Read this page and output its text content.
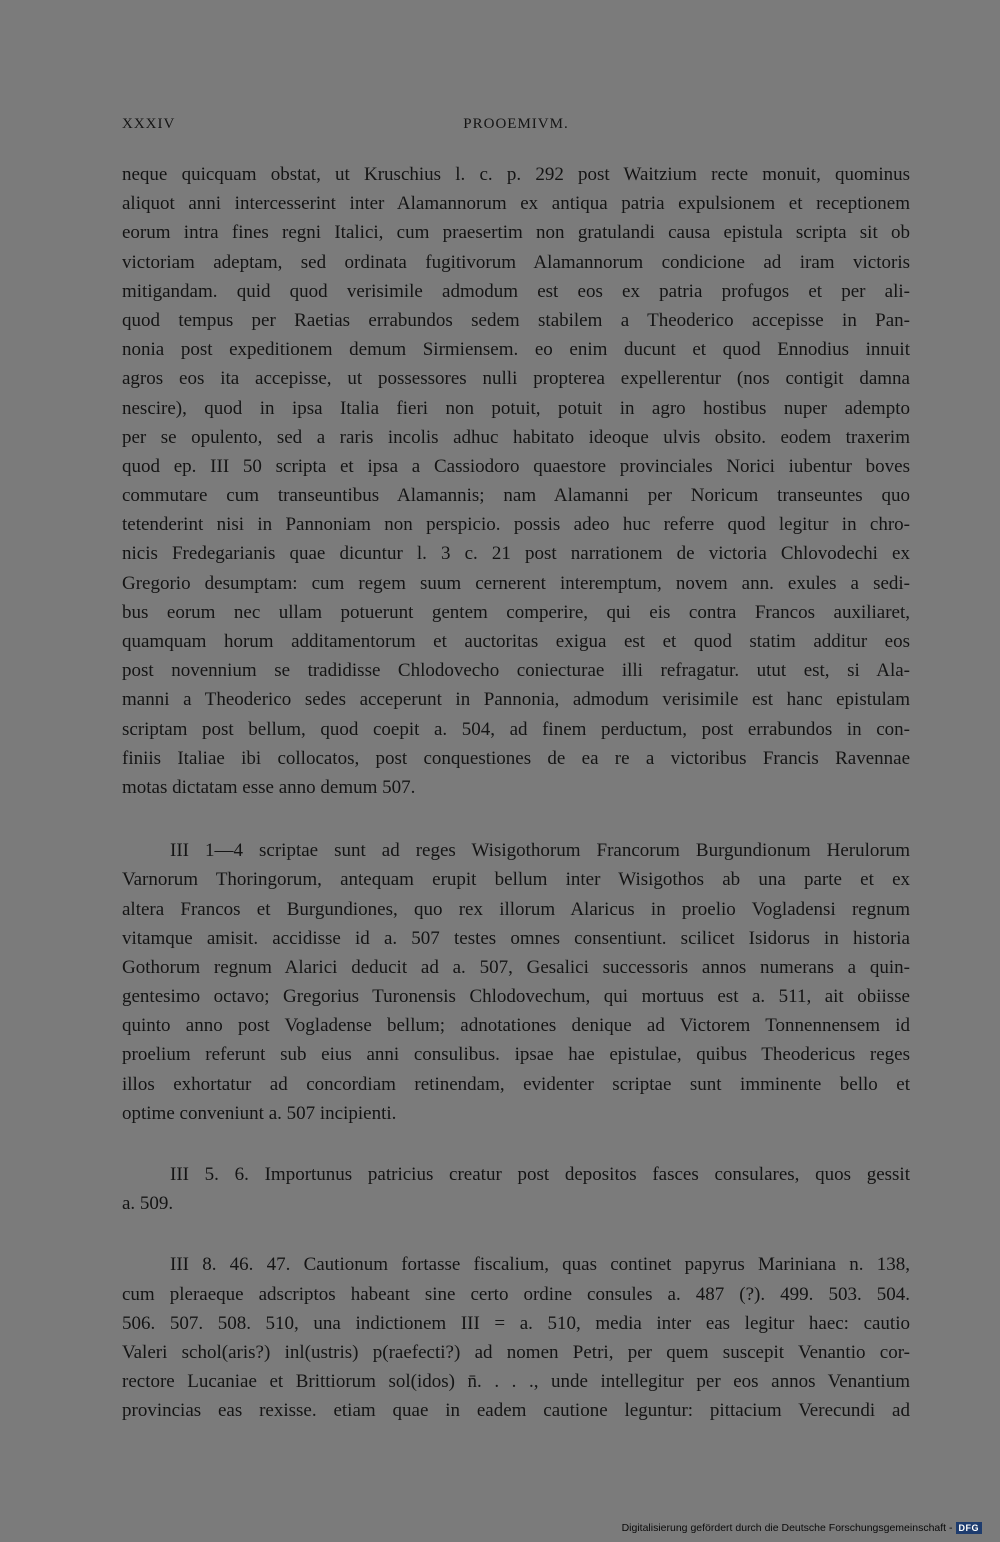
XXXIV	PROOEMIVM.
neque quicquam obstat, ut Kruschius l. c. p. 292 post Waitzium recte monuit, quominus
aliquot anni intercesserint inter Alamannorum ex antiqua patria expulsionem et receptionem
eorum intra fines regni Italici, cum praesertim non gratulandi causa epistula scripta sit ob
victoriam adeptam, sed ordinata fugitivorum Alamannorum condicione ad iram victoris
mitigandam. quid quod verisimile admodum est eos ex patria profugos et per ali-
quod tempus per Raetias errabundos sedem stabilem a Theoderico accepisse in Pan-
nonia post expeditionem demum Sirmiensem. eo enim ducunt et quod Ennodius innuit
agros eos ita accepisse, ut possessores nulli propterea expellerentur (nos contigit damna
nescire), quod in ipsa Italia fieri non potuit, potuit in agro hostibus nuper adempto
per se opulento, sed a raris incolis adhuc habitato ideoque ulvis obsito. eodem traxerim
quod ep. III 50 scripta et ipsa a Cassiodoro quaestore provinciales Norici iubentur boves
commutare cum transeuntibus Alamannis; nam Alamanni per Noricum transeuntes quo
tetenderint nisi in Pannoniam non perspicio. possis adeo huc referre quod legitur in chro-
nicis Fredegarianis quae dicuntur l. 3 c. 21 post narrationem de victoria Chlovodechi ex
Gregorio desumptam: cum regem suum cernerent interemptum, novem ann. exules a sedi-
bus eorum nec ullam potuerunt gentem comperire, qui eis contra Francos auxiliaret,
quamquam horum additamentorum et auctoritas exigua est et quod statim additur eos
post novennium se tradidisse Chlodovecho coniecturae illi refragatur. utut est, si Ala-
manni a Theoderico sedes acceperunt in Pannonia, admodum verisimile est hanc epistulam
scriptam post bellum, quod coepit a. 504, ad finem perductum, post errabundos in con-
finiis Italiae ibi collocatos, post conquestiones de ea re a victoribus Francis Ravennae
motas dictatam esse anno demum 507.
III 1—4 scriptae sunt ad reges Wisigothorum Francorum Burgundionum Herulorum
Varnorum Thoringorum, antequam erupit bellum inter Wisigothos ab una parte et ex
altera Francos et Burgundiones, quo rex illorum Alaricus in proelio Vogladensi regnum
vitamque amisit. accidisse id a. 507 testes omnes consentiunt. scilicet Isidorus in historia
Gothorum regnum Alarici deducit ad a. 507, Gesalici successoris annos numerans a quin-
gentesimo octavo; Gregorius Turonensis Chlodovechum, qui mortuus est a. 511, ait obiisse
quinto anno post Vogladense bellum; adnotationes denique ad Victorem Tonnennensem id
proelium referunt sub eius anni consulibus. ipsae hae epistulae, quibus Theodericus reges
illos exhortatur ad concordiam retinendam, evidenter scriptae sunt imminente bello et
optime conveniunt a. 507 incipienti.
III 5. 6. Importunus patricius creatur post depositos fasces consulares, quos gessit
a. 509.
III 8. 46. 47. Cautionum fortasse fiscalium, quas continet papyrus Mariniana n. 138,
cum pleraeque adscriptos habeant sine certo ordine consules a. 487 (?). 499. 503. 504.
506. 507. 508. 510, una indictionem III = a. 510, media inter eas legitur haec: cautio
Valeri schol(aris?) inl(ustris) p(raefecti?) ad nomen Petri, per quem suscepit Venantio cor-
rectore Lucaniae et Brittiorum sol(idos) n̄. . . ., unde intellegitur per eos annos Venantium
provincias eas rexisse. etiam quae in eadem cautione leguntur: pittacium Verecundi ad
Digitalisierung gefördert durch die Deutsche Forschungsgemeinschaft - DFG
